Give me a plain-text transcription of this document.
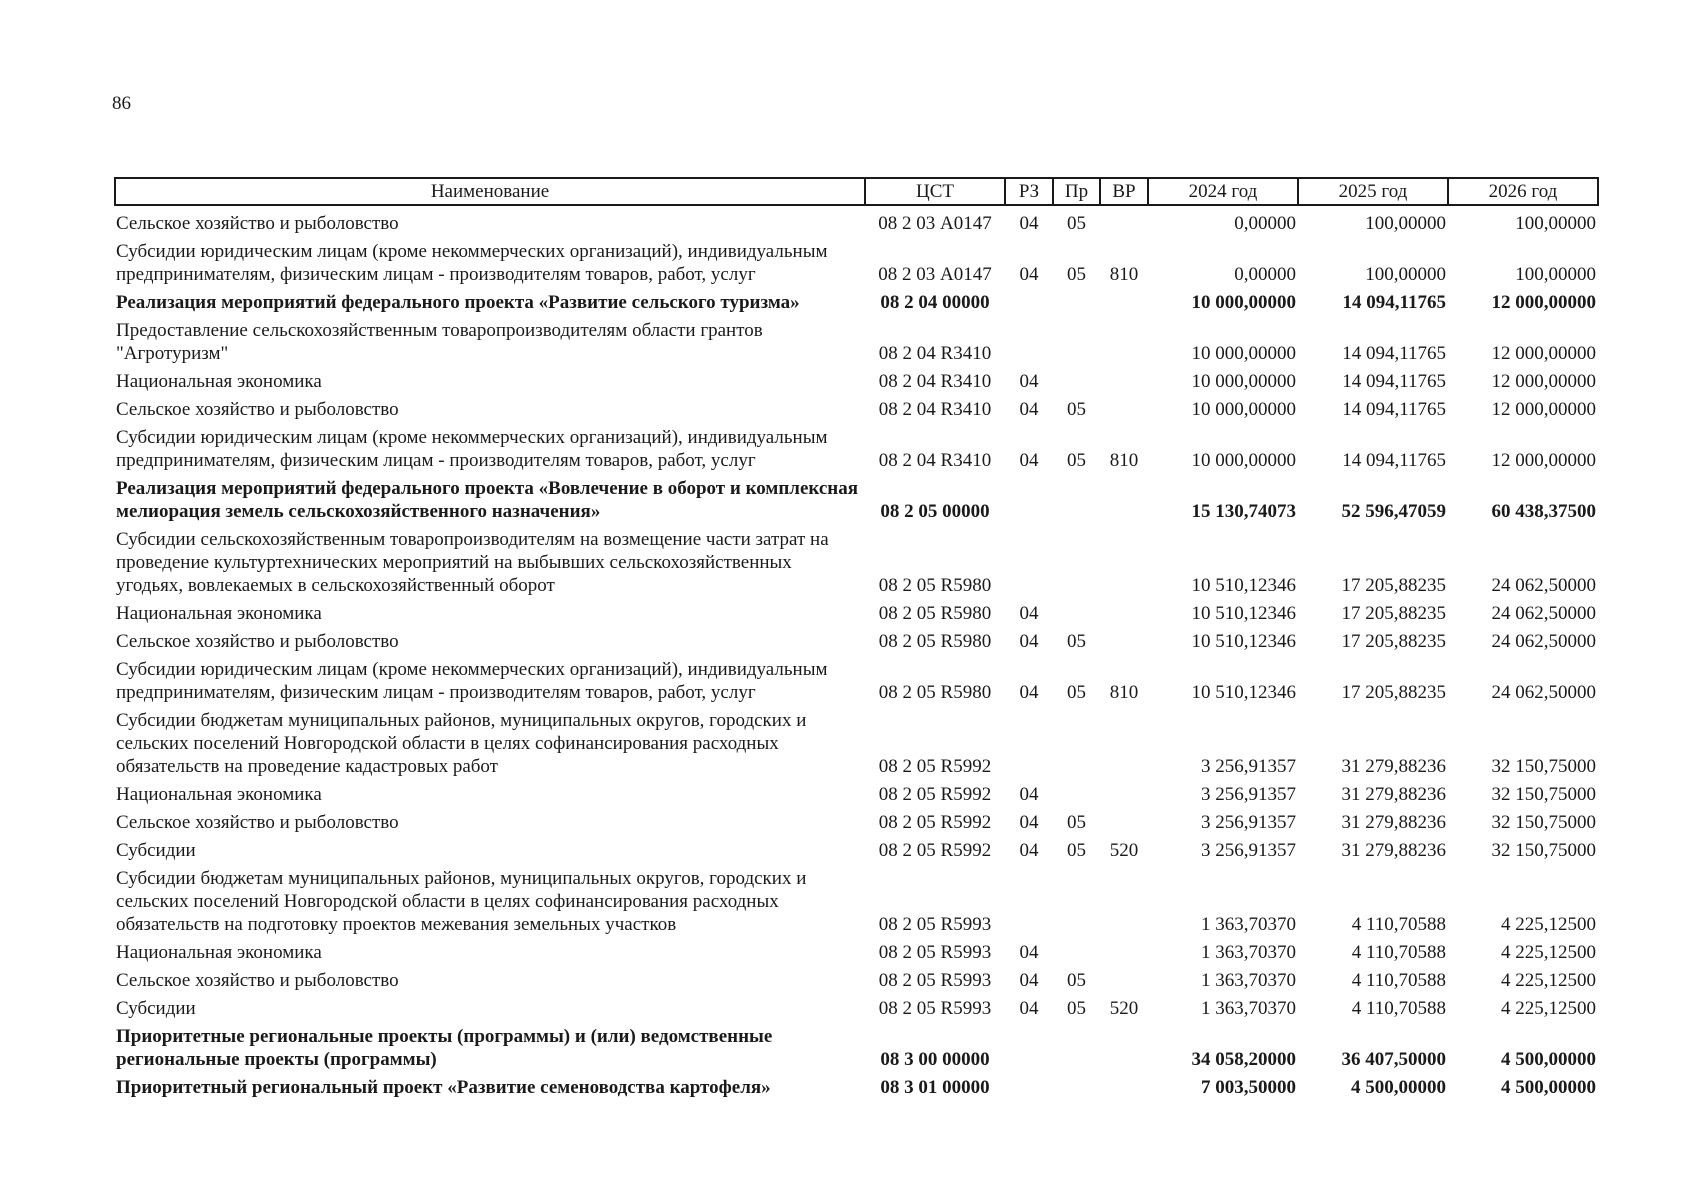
86
Наименование	ЦСТ	РЗ	Пр	ВР	2024 год	2025 год	2026 год
Сельское хозяйство и рыболовство	08 2 03 А0147	04	05		0,00000	100,00000	100,00000
Субсидии юридическим лицам (кроме некоммерческих организаций), индивидуальным предпринимателям, физическим лицам - производителям товаров, работ, услуг	08 2 03 А0147	04	05	810	0,00000	100,00000	100,00000
Реализация мероприятий федерального проекта «Развитие сельского туризма»	08 2 04 00000				10 000,00000	14 094,11765	12 000,00000
Предоставление сельскохозяйственным товаропроизводителям области грантов "Агротуризм"	08 2 04 R3410				10 000,00000	14 094,11765	12 000,00000
Национальная экономика	08 2 04 R3410	04			10 000,00000	14 094,11765	12 000,00000
Сельское хозяйство и рыболовство	08 2 04 R3410	04	05		10 000,00000	14 094,11765	12 000,00000
Субсидии юридическим лицам (кроме некоммерческих организаций), индивидуальным предпринимателям, физическим лицам - производителям товаров, работ, услуг	08 2 04 R3410	04	05	810	10 000,00000	14 094,11765	12 000,00000
Реализация мероприятий федерального проекта «Вовлечение в оборот и комплексная мелиорация земель сельскохозяйственного назначения»	08 2 05 00000				15 130,74073	52 596,47059	60 438,37500
Субсидии сельскохозяйственным товаропроизводителям на возмещение части затрат на проведение культуртехнических мероприятий на выбывших сельскохозяйственных угодьях, вовлекаемых в сельскохозяйственный оборот	08 2 05 R5980				10 510,12346	17 205,88235	24 062,50000
Национальная экономика	08 2 05 R5980	04			10 510,12346	17 205,88235	24 062,50000
Сельское хозяйство и рыболовство	08 2 05 R5980	04	05		10 510,12346	17 205,88235	24 062,50000
Субсидии юридическим лицам (кроме некоммерческих организаций), индивидуальным предпринимателям, физическим лицам - производителям товаров, работ, услуг	08 2 05 R5980	04	05	810	10 510,12346	17 205,88235	24 062,50000
Субсидии бюджетам муниципальных районов, муниципальных округов, городских и сельских поселений Новгородской области в целях софинансирования расходных обязательств на проведение кадастровых работ	08 2 05 R5992				3 256,91357	31 279,88236	32 150,75000
Национальная экономика	08 2 05 R5992	04			3 256,91357	31 279,88236	32 150,75000
Сельское хозяйство и рыболовство	08 2 05 R5992	04	05		3 256,91357	31 279,88236	32 150,75000
Субсидии	08 2 05 R5992	04	05	520	3 256,91357	31 279,88236	32 150,75000
Субсидии бюджетам муниципальных районов, муниципальных округов, городских и сельских поселений Новгородской области в целях софинансирования расходных обязательств на подготовку проектов межевания земельных участков	08 2 05 R5993				1 363,70370	4 110,70588	4 225,12500
Национальная экономика	08 2 05 R5993	04			1 363,70370	4 110,70588	4 225,12500
Сельское хозяйство и рыболовство	08 2 05 R5993	04	05		1 363,70370	4 110,70588	4 225,12500
Субсидии	08 2 05 R5993	04	05	520	1 363,70370	4 110,70588	4 225,12500
Приоритетные региональные проекты (программы) и (или) ведомственные региональные проекты (программы)	08 3 00 00000				34 058,20000	36 407,50000	4 500,00000
Приоритетный региональный проект «Развитие семеноводства картофеля»	08 3 01 00000				7 003,50000	4 500,00000	4 500,00000
